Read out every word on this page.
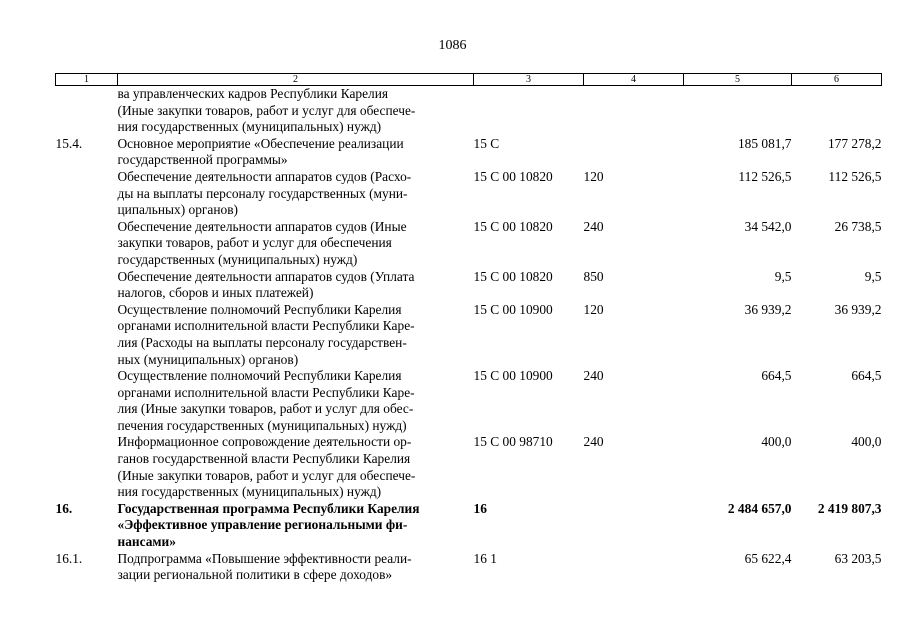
1086
1	2	3	4	5	6

	ва управленческих кадров Республики Карелия
(Иные закупки товаров, работ и услуг для обеспече-
ния государственных (муниципальных) нужд)				

15.4.	Основное мероприятие «Обеспечение реализации
государственной программы»	15 С		185 081,7	177 278,2

	Обеспечение деятельности аппаратов судов (Расхо-
ды на выплаты персоналу государственных (муни-
ципальных) органов)	15 С 00 10820	120	112 526,5	112 526,5

	Обеспечение деятельности аппаратов судов (Иные
закупки товаров, работ и услуг для обеспечения
государственных (муниципальных) нужд)	15 С 00 10820	240	34 542,0	26 738,5

	Обеспечение деятельности аппаратов судов (Уплата
налогов, сборов и иных платежей)	15 С 00 10820	850	9,5	9,5

	Осуществление полномочий Республики Карелия
органами исполнительной власти Республики Каре-
лия (Расходы на выплаты персоналу государствен-
ных (муниципальных) органов)	15 С 00 10900	120	36 939,2	36 939,2

	Осуществление полномочий Республики Карелия
органами исполнительной власти Республики Каре-
лия (Иные закупки товаров, работ и услуг для обес-
печения государственных (муниципальных) нужд)	15 С 00 10900	240	664,5	664,5

	Информационное сопровождение деятельности ор-
ганов государственной власти Республики Карелия
(Иные закупки товаров, работ и услуг для обеспече-
ния государственных (муниципальных) нужд)	15 С 00 98710	240	400,0	400,0
16.	Государственная программа Республики Карелия
«Эффективное управление региональными фи-
нансами»	16		2 484 657,0	2 419 807,3
16.1.	Подпрограмма «Повышение эффективности реали-
зации региональной политики в сфере доходов»	16 1		65 622,4	63 203,5
